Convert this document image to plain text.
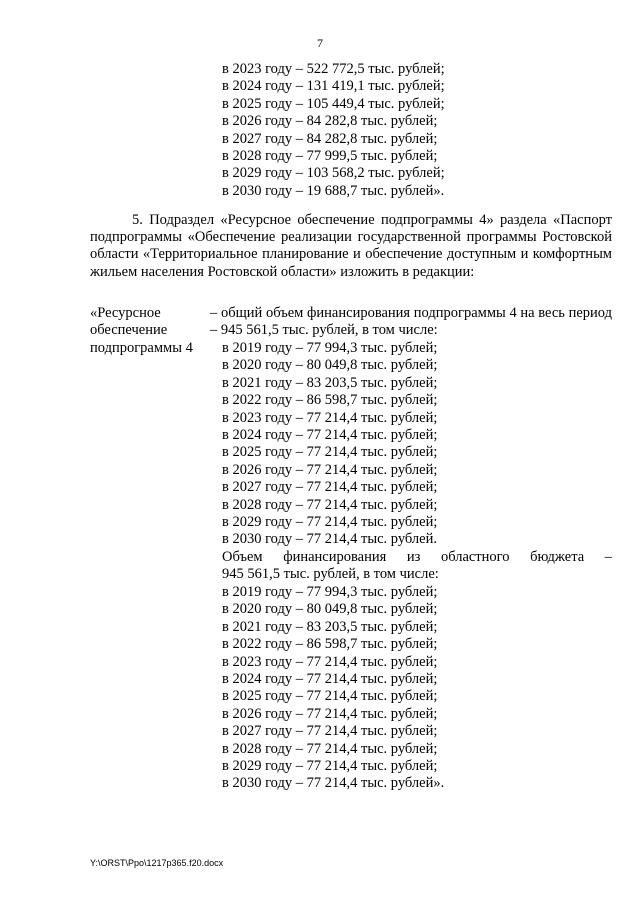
7
в 2023 году – 522 772,5 тыс. рублей;
в 2024 году – 131 419,1 тыс. рублей;
в 2025 году – 105 449,4 тыс. рублей;
в 2026 году – 84 282,8 тыс. рублей;
в 2027 году – 84 282,8 тыс. рублей;
в 2028 году – 77 999,5 тыс. рублей;
в 2029 году – 103 568,2 тыс. рублей;
в 2030 году – 19 688,7 тыс. рублей».
5. Подраздел «Ресурсное обеспечение подпрограммы 4» раздела «Паспорт подпрограммы «Обеспечение реализации государственной программы Ростовской области «Территориальное планирование и обеспечение доступным и комфортным жильем населения Ростовской области» изложить в редакции:
«Ресурсное
обеспечение
подпрограммы 4
– общий объем финансирования подпрограммы 4 на весь период – 945 561,5 тыс. рублей, в том числе:
в 2019 году – 77 994,3 тыс. рублей;
в 2020 году – 80 049,8 тыс. рублей;
в 2021 году – 83 203,5 тыс. рублей;
в 2022 году – 86 598,7 тыс. рублей;
в 2023 году – 77 214,4 тыс. рублей;
в 2024 году – 77 214,4 тыс. рублей;
в 2025 году – 77 214,4 тыс. рублей;
в 2026 году – 77 214,4 тыс. рублей;
в 2027 году – 77 214,4 тыс. рублей;
в 2028 году – 77 214,4 тыс. рублей;
в 2029 году – 77 214,4 тыс. рублей;
в 2030 году – 77 214,4 тыс. рублей.
Объем финансирования из областного бюджета –
945 561,5 тыс. рублей, в том числе:
в 2019 году – 77 994,3 тыс. рублей;
в 2020 году – 80 049,8 тыс. рублей;
в 2021 году – 83 203,5 тыс. рублей;
в 2022 году – 86 598,7 тыс. рублей;
в 2023 году – 77 214,4 тыс. рублей;
в 2024 году – 77 214,4 тыс. рублей;
в 2025 году – 77 214,4 тыс. рублей;
в 2026 году – 77 214,4 тыс. рублей;
в 2027 году – 77 214,4 тыс. рублей;
в 2028 году – 77 214,4 тыс. рублей;
в 2029 году – 77 214,4 тыс. рублей;
в 2030 году – 77 214,4 тыс. рублей».
Y:\ORST\Ppo\1217p365.f20.docx
